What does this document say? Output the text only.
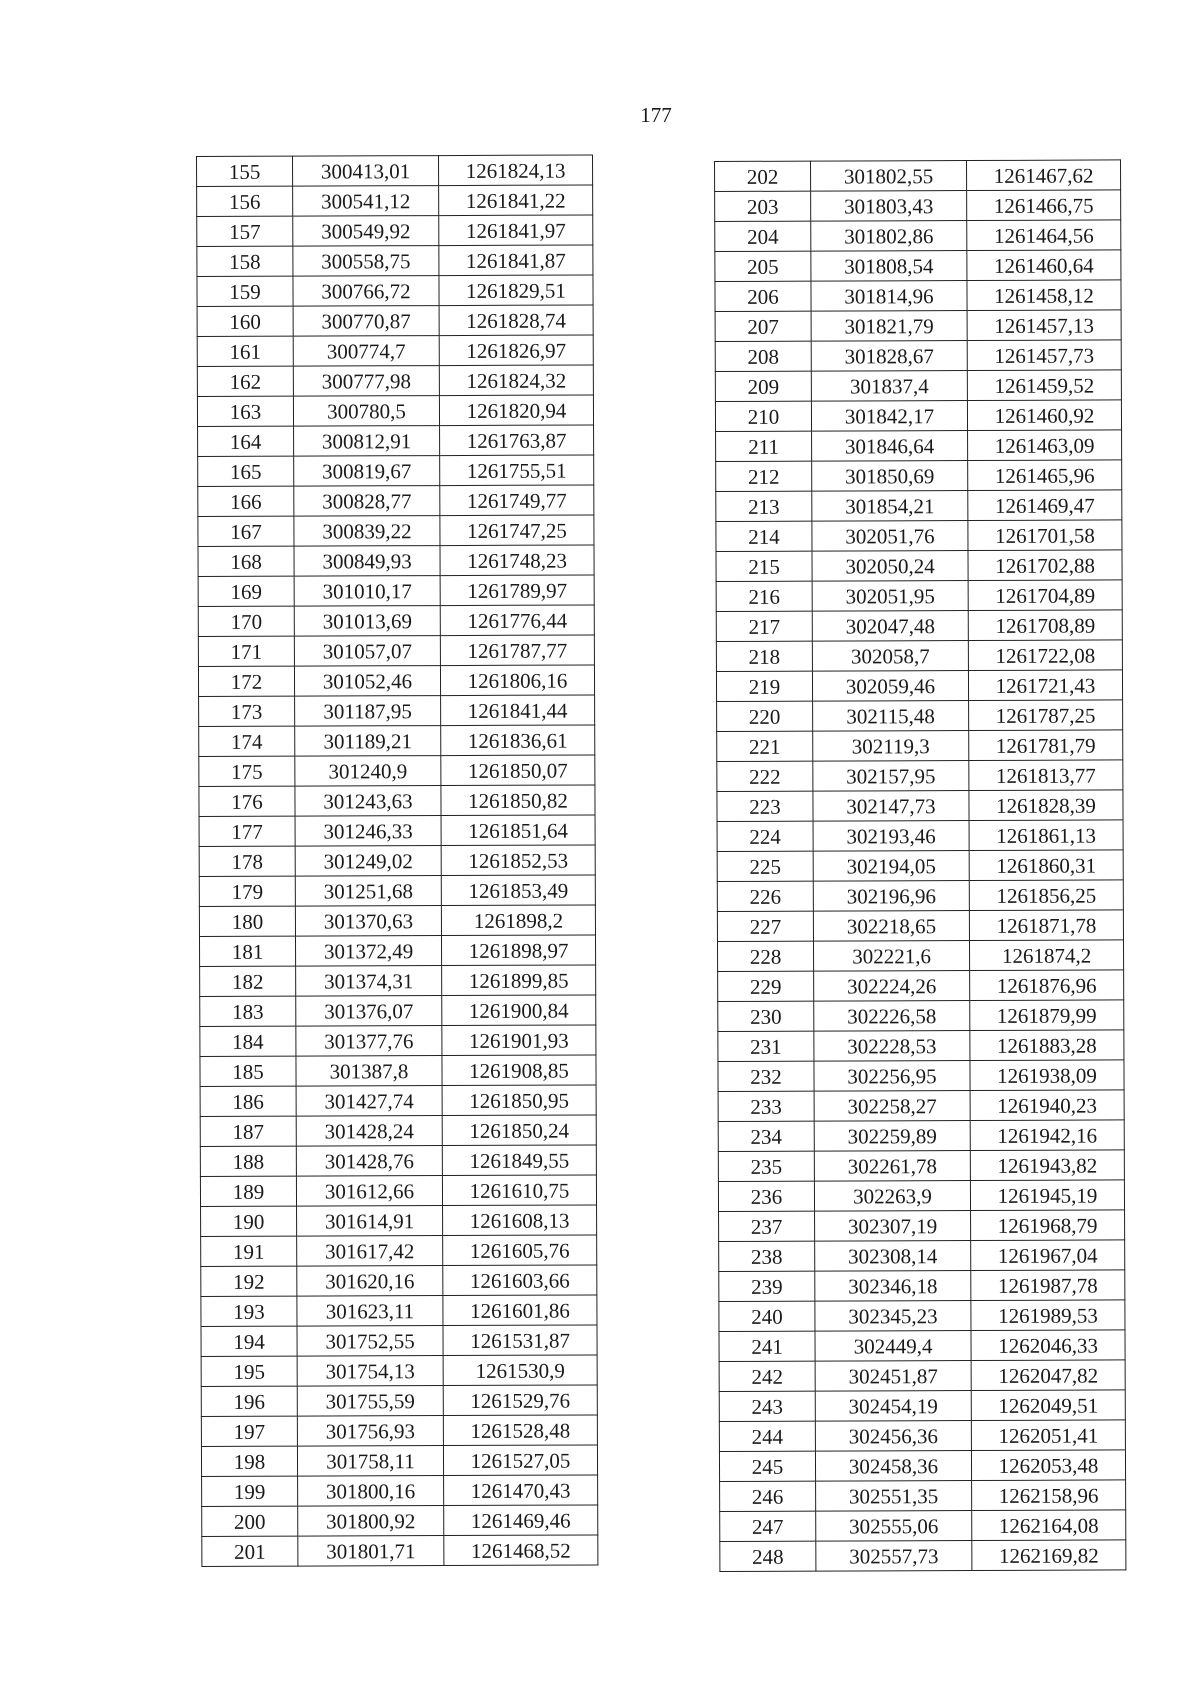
177
155	300413,01	1261824,13
156	300541,12	1261841,22
157	300549,92	1261841,97
158	300558,75	1261841,87
159	300766,72	1261829,51
160	300770,87	1261828,74
161	300774,7	1261826,97
162	300777,98	1261824,32
163	300780,5	1261820,94
164	300812,91	1261763,87
165	300819,67	1261755,51
166	300828,77	1261749,77
167	300839,22	1261747,25
168	300849,93	1261748,23
169	301010,17	1261789,97
170	301013,69	1261776,44
171	301057,07	1261787,77
172	301052,46	1261806,16
173	301187,95	1261841,44
174	301189,21	1261836,61
175	301240,9	1261850,07
176	301243,63	1261850,82
177	301246,33	1261851,64
178	301249,02	1261852,53
179	301251,68	1261853,49
180	301370,63	1261898,2
181	301372,49	1261898,97
182	301374,31	1261899,85
183	301376,07	1261900,84
184	301377,76	1261901,93
185	301387,8	1261908,85
186	301427,74	1261850,95
187	301428,24	1261850,24
188	301428,76	1261849,55
189	301612,66	1261610,75
190	301614,91	1261608,13
191	301617,42	1261605,76
192	301620,16	1261603,66
193	301623,11	1261601,86
194	301752,55	1261531,87
195	301754,13	1261530,9
196	301755,59	1261529,76
197	301756,93	1261528,48
198	301758,11	1261527,05
199	301800,16	1261470,43
200	301800,92	1261469,46
201	301801,71	1261468,52
202	301802,55	1261467,62
203	301803,43	1261466,75
204	301802,86	1261464,56
205	301808,54	1261460,64
206	301814,96	1261458,12
207	301821,79	1261457,13
208	301828,67	1261457,73
209	301837,4	1261459,52
210	301842,17	1261460,92
211	301846,64	1261463,09
212	301850,69	1261465,96
213	301854,21	1261469,47
214	302051,76	1261701,58
215	302050,24	1261702,88
216	302051,95	1261704,89
217	302047,48	1261708,89
218	302058,7	1261722,08
219	302059,46	1261721,43
220	302115,48	1261787,25
221	302119,3	1261781,79
222	302157,95	1261813,77
223	302147,73	1261828,39
224	302193,46	1261861,13
225	302194,05	1261860,31
226	302196,96	1261856,25
227	302218,65	1261871,78
228	302221,6	1261874,2
229	302224,26	1261876,96
230	302226,58	1261879,99
231	302228,53	1261883,28
232	302256,95	1261938,09
233	302258,27	1261940,23
234	302259,89	1261942,16
235	302261,78	1261943,82
236	302263,9	1261945,19
237	302307,19	1261968,79
238	302308,14	1261967,04
239	302346,18	1261987,78
240	302345,23	1261989,53
241	302449,4	1262046,33
242	302451,87	1262047,82
243	302454,19	1262049,51
244	302456,36	1262051,41
245	302458,36	1262053,48
246	302551,35	1262158,96
247	302555,06	1262164,08
248	302557,73	1262169,82
